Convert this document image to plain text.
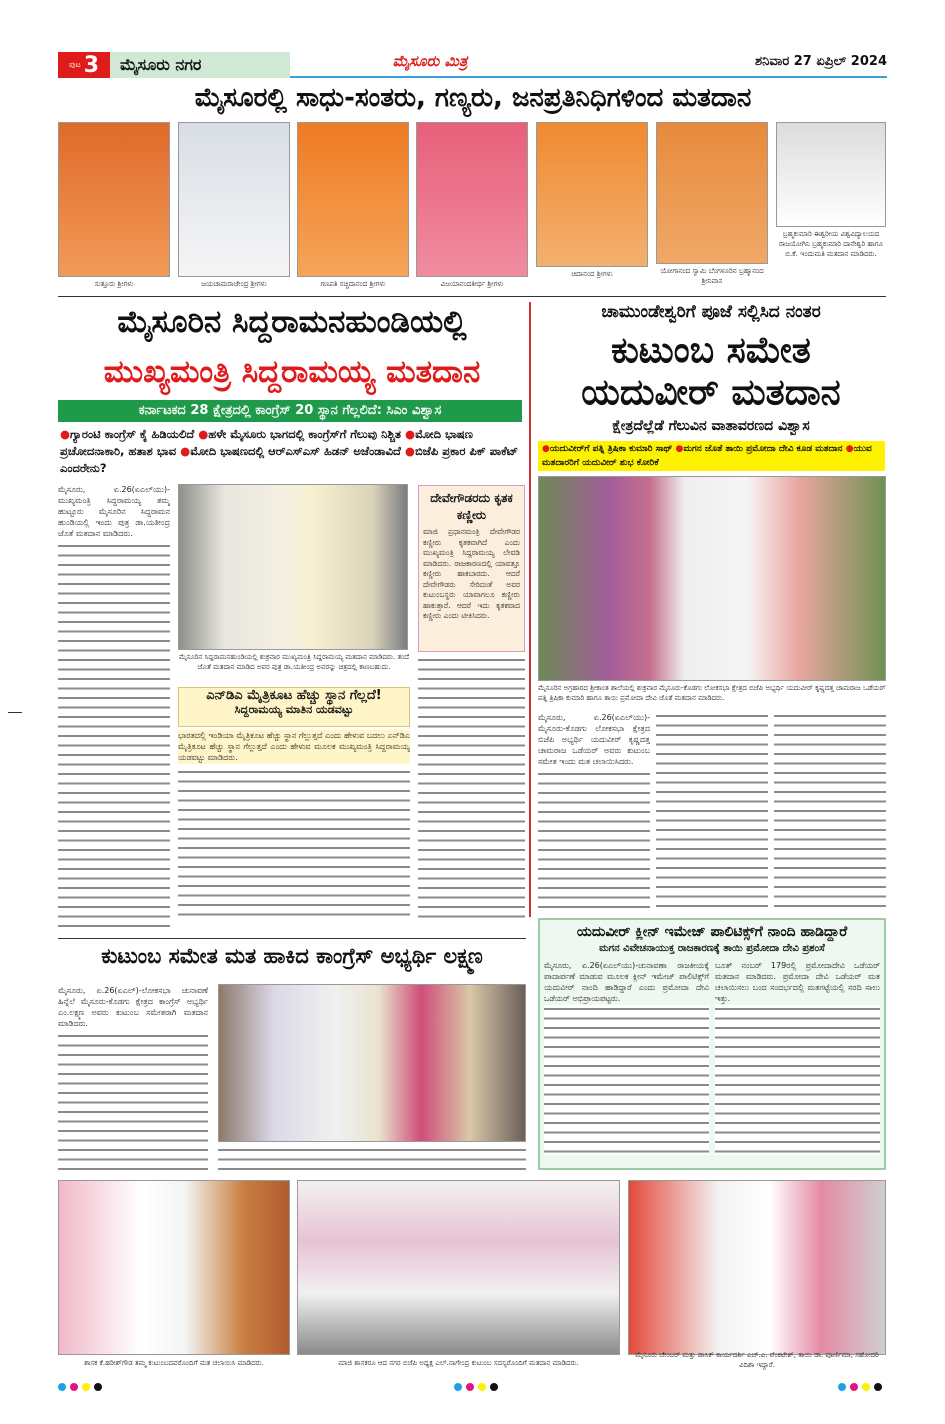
ಪುಟ 3	ಮೈಸೂರು ನಗರ	ಮೈಸೂರು ಮಿತ್ರ	ಶನಿವಾರ 27 ಏಪ್ರಿಲ್ 2024
ಮೈಸೂರಲ್ಲಿ ಸಾಧು-ಸಂತರು, ಗಣ್ಯರು, ಜನಪ್ರತಿನಿಧಿಗಳಿಂದ ಮತದಾನ
ಸುತ್ತೂರು ಶ್ರೀಗಳು	ಜಯಚಾಮರಾಜೇಂದ್ರ ಶ್ರೀಗಳು	ಗಣಪತಿ ಸಚ್ಚಿದಾನಂದ ಶ್ರೀಗಳು	ವಿಜಯಾನಂದತೀರ್ಥ ಶ್ರೀಗಳು
ಚಿದಾನಂದ ಶ್ರೀಗಳು	ಯೋಗಾನಂದ ಸ್ವಾಮಿ ಬೆಂಗಳೂರಿನ ಬ್ರಹ್ಮಾನಂದ ಶ್ರೀನಿವಾಸ
ಬ್ರಹ್ಮಕುಮಾರಿ ಈಶ್ವರೀಯ ವಿಶ್ವವಿದ್ಯಾಲಯದ ರಾಜಯೋಗಿನಿ ಬ್ರಹ್ಮಕುಮಾರಿ ದಾನೇಶ್ವರಿ ಹಾಗೂ ಬಿ.ಕೆ. ಇಂದುಮತಿ ಮತದಾನ ಮಾಡಿದರು.
ಮೈಸೂರಿನ ಸಿದ್ದರಾಮನಹುಂಡಿಯಲ್ಲಿ
ಮುಖ್ಯಮಂತ್ರಿ ಸಿದ್ದರಾಮಯ್ಯ ಮತದಾನ
ಕರ್ನಾಟಕದ 28 ಕ್ಷೇತ್ರದಲ್ಲಿ ಕಾಂಗ್ರೆಸ್ 20 ಸ್ಥಾನ ಗೆಲ್ಲಲಿದೆ: ಸಿಎಂ ವಿಶ್ವಾಸ
●ಗ್ಯಾರಂಟಿ ಕಾಂಗ್ರೆಸ್ ಕೈ ಹಿಡಿಯಲಿದೆ ●ಹಳೇ ಮೈಸೂರು ಭಾಗದಲ್ಲಿ ಕಾಂಗ್ರೆಸ್‌ಗೆ ಗೆಲುವು ನಿಶ್ಚಿತ ●ಮೋದಿ ಭಾಷಣ ಪ್ರಚೋದನಾಕಾರಿ, ಹತಾಶ ಭಾವ ●ಮೋದಿ ಭಾಷಣದಲ್ಲಿ ಆರ್‌ಎಸ್‌ಎಸ್ ಹಿಡನ್ ಅಜೆಂಡಾವಿದೆ ●ಬಿಜೆಪಿ ಪ್ರಕಾರ ಪಿಕ್ ಪಾಕೆಟ್ ಎಂದರೇನು?
ಮೈಸೂರು, ಏ.26(ಏಎಲ್‌ಯು)- ಮುಖ್ಯಮಂತ್ರಿ ಸಿದ್ದರಾಮಯ್ಯ ತಮ್ಮ ಹುಟ್ಟೂರು ಮೈಸೂರಿನ ಸಿದ್ದರಾಮನ ಹುಂಡಿಯಲ್ಲಿ ಇಂದು ಪುತ್ರ ಡಾ.ಯತೀಂದ್ರ ಜೊತೆ ಮತದಾನ ಮಾಡಿದರು.
ಮೈಸೂರಿನ ಸಿದ್ದರಾಮನಹುಂಡಿಯಲ್ಲಿ ಶುಕ್ರವಾರ ಮುಖ್ಯಮಂತ್ರಿ ಸಿದ್ದರಾಮಯ್ಯ ಮತದಾನ ಮಾಡಿದರು. ತಂದೆ ಜೊತೆ ಮತದಾನ ಮಾಡಿದ ಅವರ ಪುತ್ರ ಡಾ.ಯತೀಂದ್ರ ಅವರನ್ನು ಚಿತ್ರದಲ್ಲಿ ಕಾಣಬಹುದು.
ದೇವೇಗೌಡರದು ಕೃತಕ ಕಣ್ಣೀರು
ಮಾಜಿ ಪ್ರಧಾನಮಂತ್ರಿ ದೇವೇಗೌಡರ ಕಣ್ಣೀರು ಕೃತಕವಾಗಿದೆ ಎಂದು ಮುಖ್ಯಮಂತ್ರಿ ಸಿದ್ದರಾಮಯ್ಯ ಲೇವಡಿ ಮಾಡಿದರು. ರಾಜಕಾರಣದಲ್ಲಿ ಯಾವತ್ತೂ ಕಣ್ಣೀರು ಹಾಕಬಾರದು. ಆದರೆ ದೇವೇಗೌಡರು ಸೇರಿದಂತೆ ಅವರ ಕುಟುಂಬಸ್ಥರು ಯಾವಾಗಲೂ ಕಣ್ಣೀರು ಹಾಕುತ್ತಾರೆ. ಆದರೆ ಇದು ಕೃತಕವಾದ ಕಣ್ಣೀರು ಎಂದು ಟೀಕಿಸಿದರು.
ಎನ್‌ಡಿಎ ಮೈತ್ರಿಕೂಟ ಹೆಚ್ಚು ಸ್ಥಾನ ಗೆಲ್ಲದೆ!
ಸಿದ್ದರಾಮಯ್ಯ ಮಾತಿನ ಯಡವಟ್ಟು
ಭಾರತದಲ್ಲಿ ಇಂಡಿಯಾ ಮೈತ್ರಿಕೂಟ ಹೆಚ್ಚು ಸ್ಥಾನ ಗೆಲ್ಲುತ್ತದೆ ಎಂದು ಹೇಳುವ ಬದಲು ಎನ್‌ಡಿಎ ಮೈತ್ರಿಕೂಟ ಹೆಚ್ಚು ಸ್ಥಾನ ಗೆಲ್ಲುತ್ತದೆ ಎಂದು ಹೇಳುವ ಮೂಲಕ ಮುಖ್ಯಮಂತ್ರಿ ಸಿದ್ದರಾಮಯ್ಯ ಯಡವಟ್ಟು ಮಾಡಿದರು.
ಚಾಮುಂಡೇಶ್ವರಿಗೆ ಪೂಜೆ ಸಲ್ಲಿಸಿದ ನಂತರ
ಕುಟುಂಬ ಸಮೇತ
ಯದುವೀರ್ ಮತದಾನ
ಕ್ಷೇತ್ರದೆಲ್ಲೆಡೆ ಗೆಲುವಿನ ವಾತಾವರಣದ ವಿಶ್ವಾಸ
●ಯದುವೀರ್‌ಗೆ ಪತ್ನಿ ತ್ರಿಷಿಕಾ ಕುಮಾರಿ ಸಾಥ್ ●ಮಗನ ಜೊತೆ ತಾಯಿ ಪ್ರಮೋದಾ ದೇವಿ ಕೂಡ ಮತದಾನ ●ಯುವ ಮತದಾರರಿಗೆ ಯದುವೀರ್ ಶುಭ ಕೋರಿಕೆ
ಮೈಸೂರಿನ ಅಗ್ರಹಾರದ ಶ್ರೀಕಾಂತ ಶಾಲೆಯಲ್ಲಿ ಶುಕ್ರವಾರ ಮೈಸೂರು-ಕೊಡಗು ಲೋಕಸಭಾ ಕ್ಷೇತ್ರದ ಬಿಜೆಪಿ ಅಭ್ಯರ್ಥಿ ಯದುವೀರ್ ಕೃಷ್ಣದತ್ತ ಚಾಮರಾಜ ಒಡೆಯರ್ ಪತ್ನಿ ತ್ರಿಷಿಕಾ ಕುಮಾರಿ ಹಾಗೂ ತಾಯಿ ಪ್ರಮೋದಾ ದೇವಿ ಜೊತೆ ಮತದಾನ ಮಾಡಿದರು.
ಮೈಸೂರು, ಏ.26(ಏಎಲ್‌ಯು)- ಮೈಸೂರು-ಕೊಡಗು ಲೋಕಸಭಾ ಕ್ಷೇತ್ರದ ಬಿಜೆಪಿ ಅಭ್ಯರ್ಥಿ ಯದುವೀರ್ ಕೃಷ್ಣದತ್ತ ಚಾಮರಾಜ ಒಡೆಯರ್ ಅವರು ಕುಟುಂಬ ಸಮೇತ ಇಂದು ಮತ ಚಲಾಯಿಸಿದರು.
ಯದುವೀರ್ ಕ್ಲೀನ್ ಇಮೇಜ್ ಪಾಲಿಟಿಕ್ಸ್‌ಗೆ ನಾಂದಿ ಹಾಡಿದ್ದಾರೆ
ಮಗನ ವಿವೇಚನಾಯುಕ್ತ ರಾಜಕಾರಣಕ್ಕೆ ತಾಯಿ ಪ್ರಮೋದಾ ದೇವಿ ಪ್ರಶಂಸೆ
ಮೈಸೂರು, ಏ.26(ಏಎಲ್‌ಯು)-ಚುನಾವಣಾ ರಾಜಕೀಯಕ್ಕೆ ಪಾದಾರ್ಪಣೆ ಮಾಡುವ ಮೂಲಕ ಕ್ಲೀನ್ ಇಮೇಜ್ ಪಾಲಿಟಿಕ್ಸ್‌ಗೆ ಯದುವೀರ್ ನಾಂದಿ ಹಾಡಿದ್ದಾರೆ ಎಂದು ಪ್ರಮೋದಾ ದೇವಿ ಒಡೆಯರ್ ಅಭಿಪ್ರಾಯಪಟ್ಟರು.
ಬೂತ್ ನಂಬರ್ 179ರಲ್ಲಿ ಪ್ರಮೋದಾದೇವಿ ಒಡೆಯರ್ ಮತದಾನ ಮಾಡಿದರು. ಪ್ರಮೋದಾ ದೇವಿ ಒಡೆಯರ್ ಮತ ಚಲಾಯಿಸಲು ಬಂದ ಸಂದರ್ಭದಲ್ಲಿ ಮತಗಟ್ಟೆಯಲ್ಲಿ ಸರದಿ ಸಾಲು ಇತ್ತು.
ಕುಟುಂಬ ಸಮೇತ ಮತ ಹಾಕಿದ ಕಾಂಗ್ರೆಸ್ ಅಭ್ಯರ್ಥಿ ಲಕ್ಷ್ಮಣ
ಮೈಸೂರು, ಏ.26(ಏಎಲ್)-ಲೋಕಸಭಾ ಚುನಾವಣೆ ಹಿನ್ನೆಲೆ ಮೈಸೂರು-ಕೊಡಗು ಕ್ಷೇತ್ರದ ಕಾಂಗ್ರೆಸ್ ಅಭ್ಯರ್ಥಿ ಎಂ.ಲಕ್ಷ್ಮಣ ಅವರು ಕುಟುಂಬ ಸಮೇತರಾಗಿ ಮತದಾನ ಮಾಡಿದರು.
ಶಾಸಕ ಕೆ.ಹರೀಶ್‌ಗೌಡ ತಮ್ಮ ಕುಟುಂಬದವರೊಂದಿಗೆ ಮತ ಚಲಾಯಿಸಿ ಮಾಡಿದರು.	ಮಾಜಿ ಶಾಸಕರೂ ಆದ ನಗರ ಬಿಜೆಪಿ ಅಧ್ಯಕ್ಷ ಎಲ್.ನಾಗೇಂದ್ರ ಕುಟುಂಬ ಸದಸ್ಯರೊಂದಿಗೆ ಮತದಾನ ಮಾಡಿದರು.
ಮೈಸೂರು ಚೇಂಬರ್ ಮತ್ತು ಡಾಸಿಕ್ ಕಾರ್ಯದರ್ಶಿ ಎಚ್.ಎ. ವೆಂಕಟೇಶ್, ತಾಯಿ ಡಾ. ಪೂರ್ಣಿಮಾ, ಸಹೋದರಿ ವಿದಿಶಾ ಇದ್ದಾರೆ.
